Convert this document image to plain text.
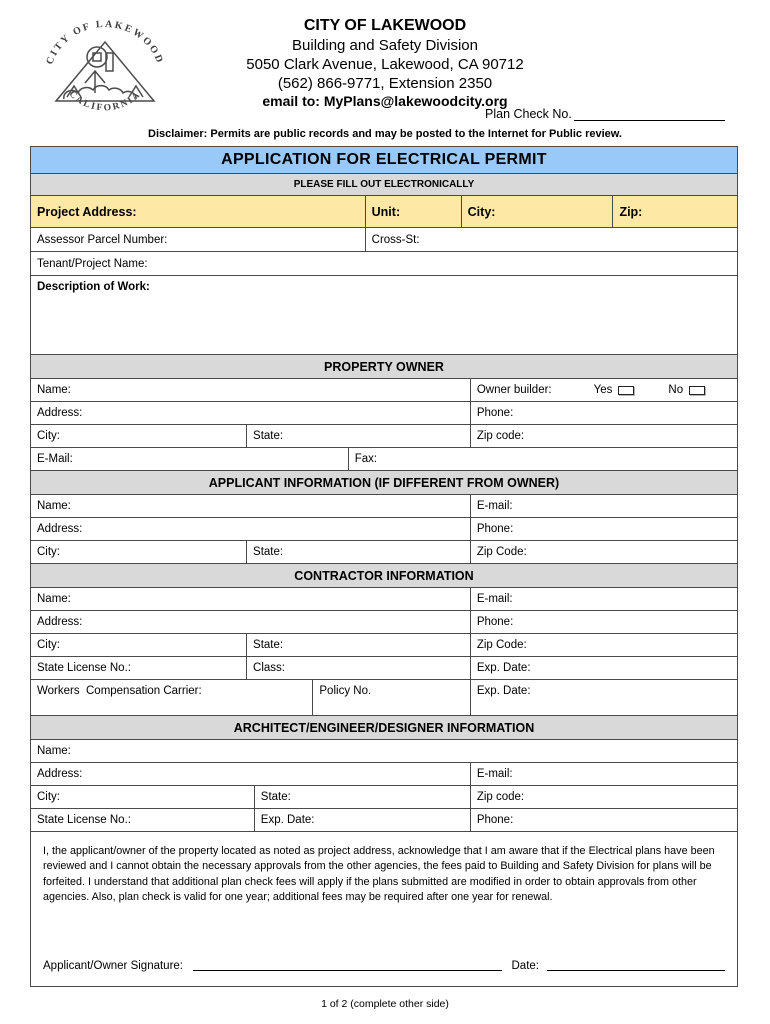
CITY OF LAKEWOOD
CALIFORNIA
CITY OF LAKEWOOD
Building and Safety Division
5050 Clark Avenue, Lakewood, CA 90712
(562) 866-9771, Extension 2350
email to: MyPlans@lakewoodcity.org
Plan Check No.
Disclaimer: Permits are public records and may be posted to the Internet for Public review.
APPLICATION FOR ELECTRICAL PERMIT
PLEASE FILL OUT ELECTRONICALLY
Project Address:	Unit:	City:	Zip:
Assessor Parcel Number:	Cross-St:
Tenant/Project Name:
Description of Work:
PROPERTY OWNER
Name:	Owner builder:	Yes	No
Address:	Phone:
City:	State:	Zip code:
E-Mail:	Fax:
APPLICANT INFORMATION (IF DIFFERENT FROM OWNER)
Name:	E-mail:
Address:	Phone:
City:	State:	Zip Code:
CONTRACTOR INFORMATION
Name:	E-mail:
Address:	Phone:
City:	State:	Zip Code:
State License No.:	Class:	Exp. Date:
Workers  Compensation Carrier:	Policy No.	Exp. Date:
ARCHITECT/ENGINEER/DESIGNER INFORMATION
Name:
Address:	E-mail:
City:	State:	Zip code:
State License No.:	Exp. Date:	Phone:

I, the applicant/owner of the property located as noted as project address, acknowledge that I am aware that if the Electrical plans have been reviewed and I cannot obtain the necessary approvals from the other agencies, the fees paid to Building and Safety Division for plans will be forfeited. I understand that additional plan check fees will apply if the plans submitted are modified in order to obtain approvals from other agencies. Also, plan check is valid for one year; additional fees may be required after one year for renewal.

Applicant/Owner Signature:	Date:
1 of 2 (complete other side)
